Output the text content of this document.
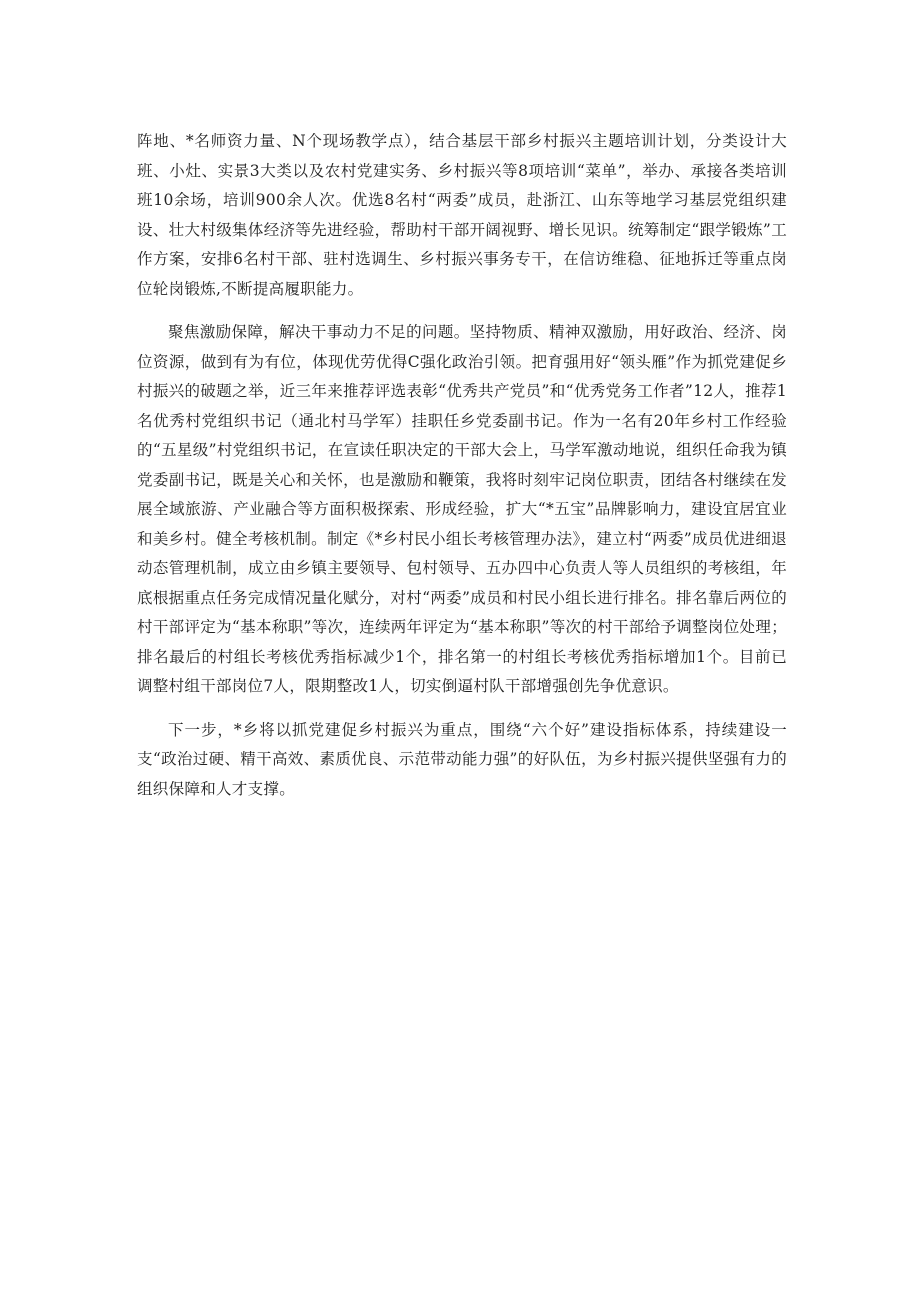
阵地、*名师资力量、N个现场教学点），结合基层干部乡村振兴主题培训计划，分类设计大班、小灶、实景3大类以及农村党建实务、乡村振兴等8项培训“菜单”，举办、承接各类培训班10余场，培训900余人次。优选8名村“两委”成员，赴浙江、山东等地学习基层党组织建设、壮大村级集体经济等先进经验，帮助村干部开阔视野、增长见识。统筹制定“跟学锻炼”工作方案，安排6名村干部、驻村选调生、乡村振兴事务专干，在信访维稳、征地拆迁等重点岗位轮岗锻炼,不断提高履职能力。

聚焦激励保障，解决干事动力不足的问题。坚持物质、精神双激励，用好政治、经济、岗位资源，做到有为有位，体现优劳优得C强化政治引领。把育强用好“领头雁”作为抓党建促乡村振兴的破题之举，近三年来推荐评选表彰“优秀共产党员”和“优秀党务工作者”12人，推荐1名优秀村党组织书记（通北村马学军）挂职任乡党委副书记。作为一名有20年乡村工作经验的“五星级”村党组织书记，在宣读任职决定的干部大会上，马学军激动地说，组织任命我为镇党委副书记，既是关心和关怀，也是激励和鞭策，我将时刻牢记岗位职责，团结各村继续在发展全域旅游、产业融合等方面积极探索、形成经验，扩大“*五宝”品牌影响力，建设宜居宜业和美乡村。健全考核机制。制定《*乡村民小组长考核管理办法》，建立村“两委”成员优进细退动态管理机制，成立由乡镇主要领导、包村领导、五办四中心负责人等人员组织的考核组，年底根据重点任务完成情况量化赋分，对村“两委”成员和村民小组长进行排名。排名靠后两位的村干部评定为“基本称职”等次，连续两年评定为“基本称职”等次的村干部给予调整岗位处理；排名最后的村组长考核优秀指标减少1个，排名第一的村组长考核优秀指标增加1个。目前已调整村组干部岗位7人，限期整改1人，切实倒逼村队干部增强创先争优意识。

下一步，*乡将以抓党建促乡村振兴为重点，围绕“六个好”建设指标体系，持续建设一支“政治过硬、精干高效、素质优良、示范带动能力强”的好队伍，为乡村振兴提供坚强有力的组织保障和人才支撑。
